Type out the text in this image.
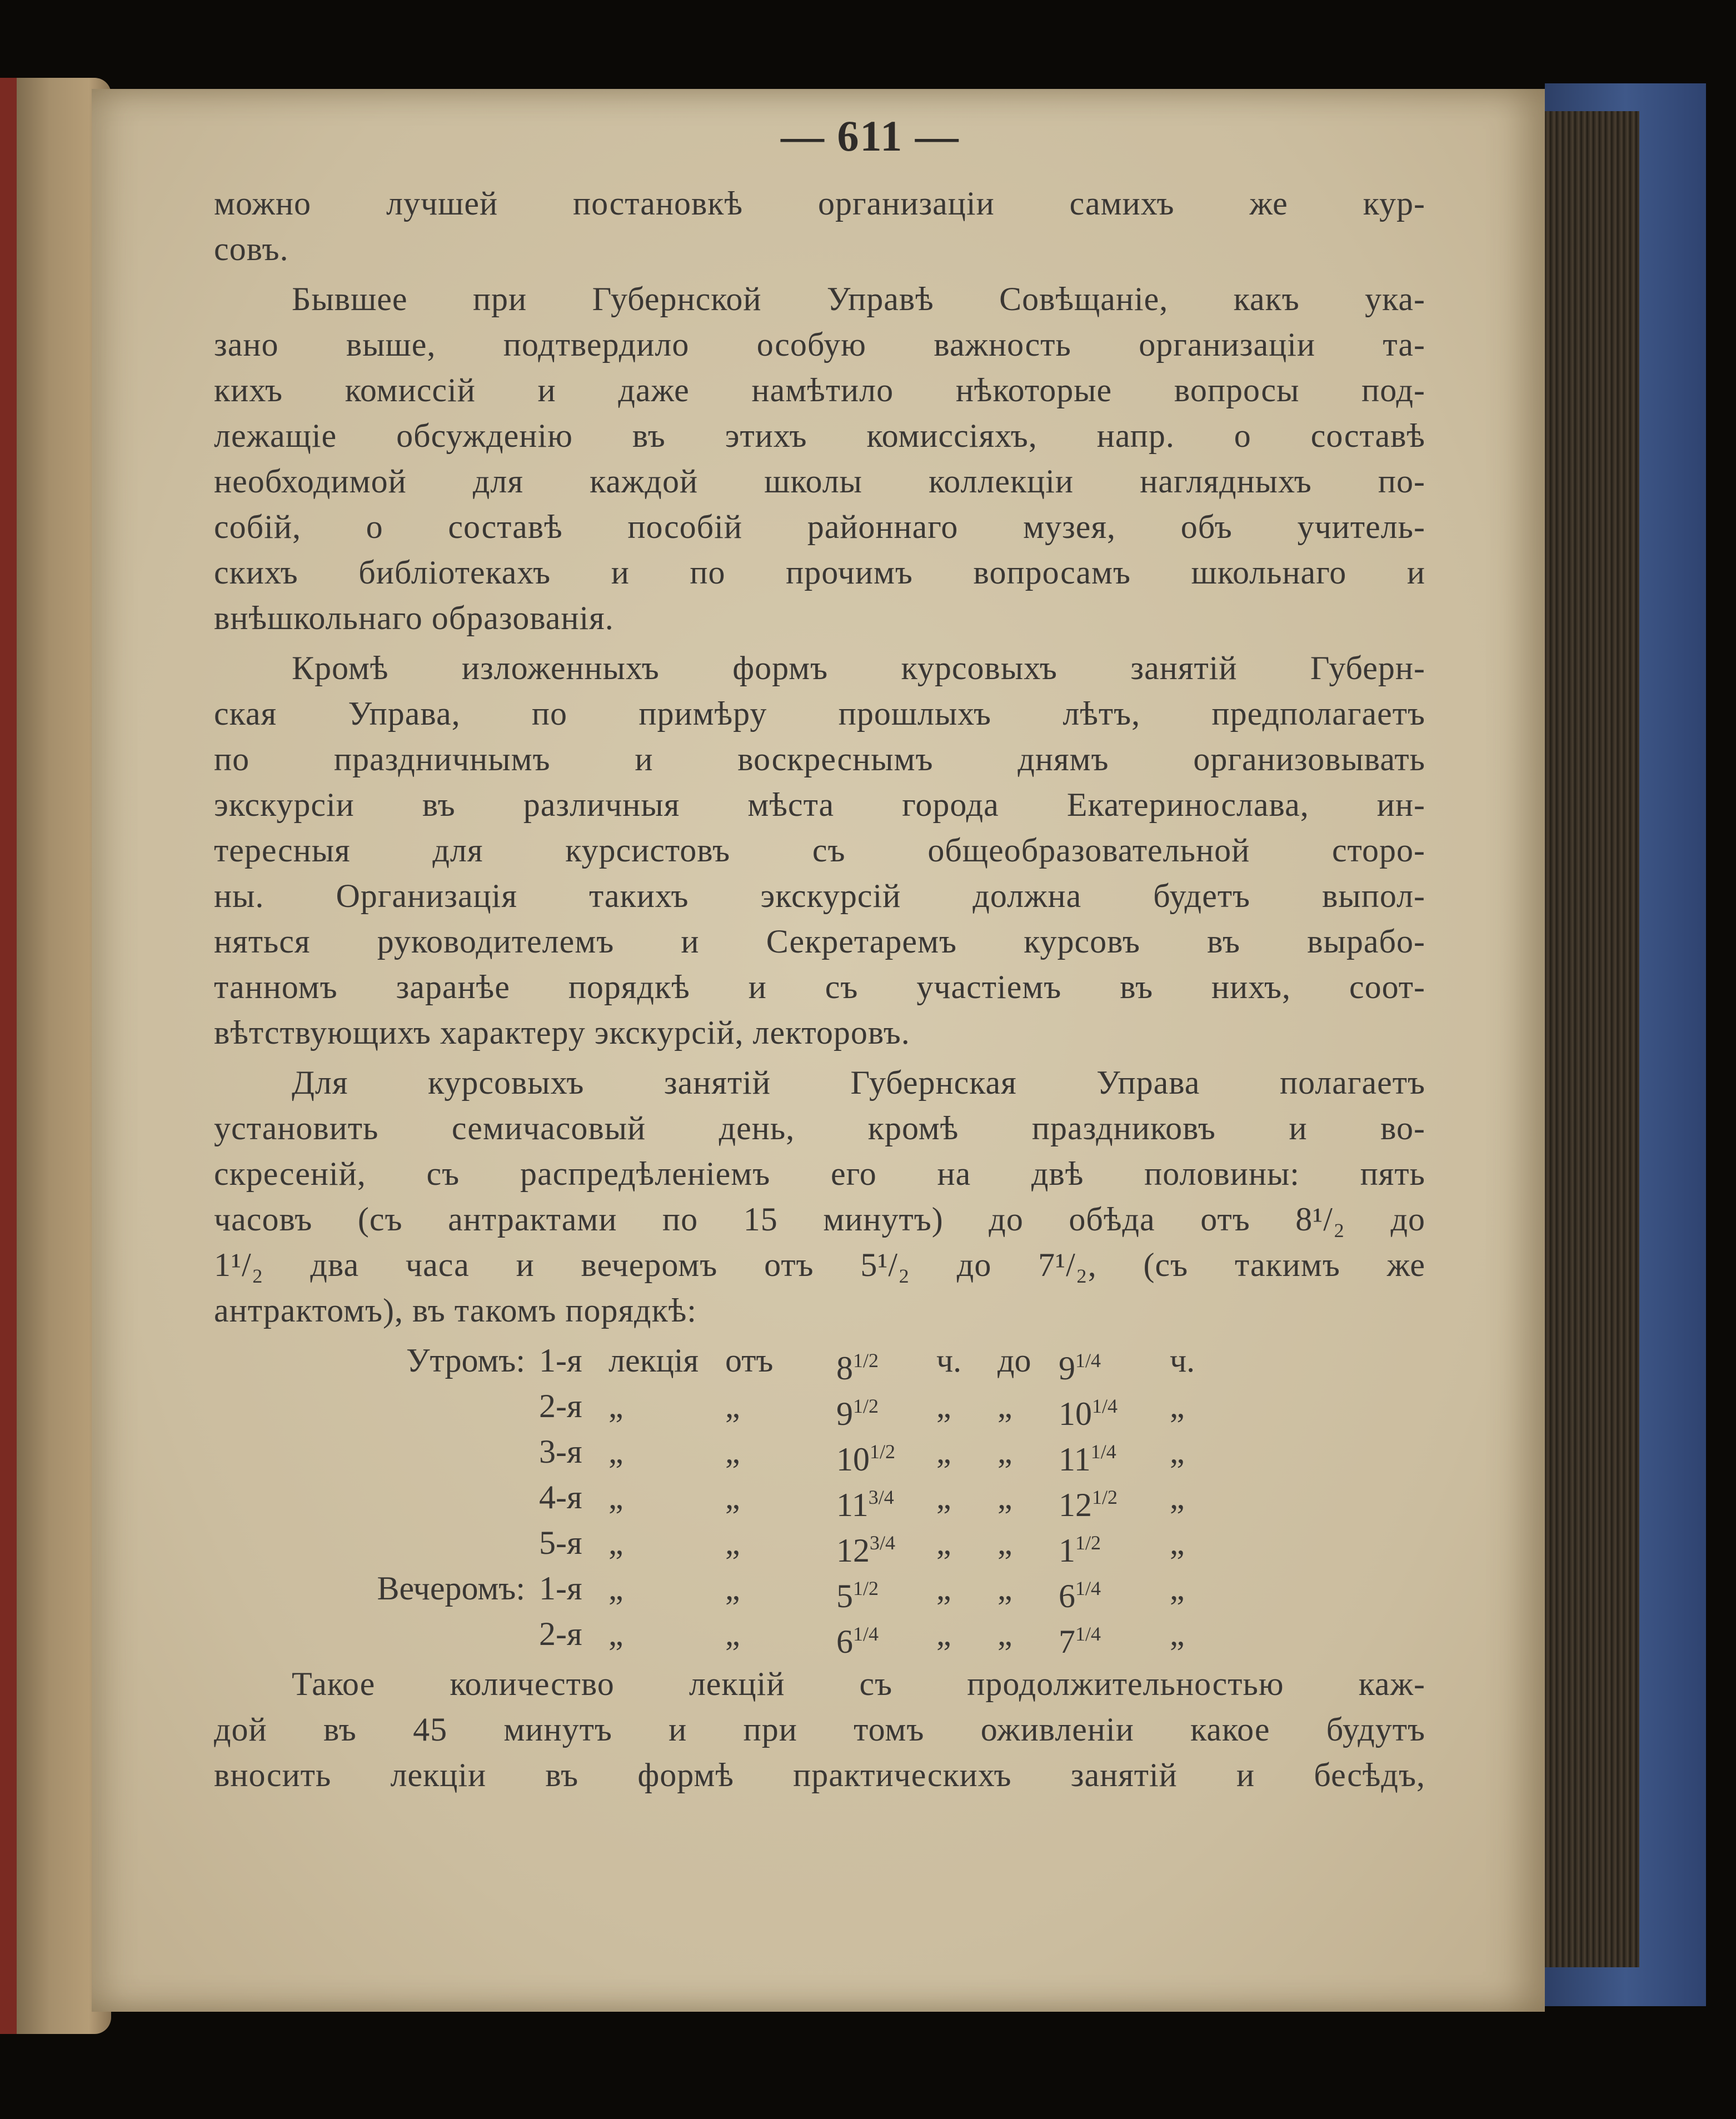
— 611 —
можно лучшей постановкѣ организаціи самихъ же кур-
совъ.
Бывшее при Губернской Управѣ Совѣщаніе, какъ ука-
зано выше, подтвердило особую важность организаціи та-
кихъ комиссій и даже намѣтило нѣкоторые вопросы под-
лежащіе обсужденію въ этихъ комиссіяхъ, напр. о составѣ
необходимой для каждой школы коллекціи наглядныхъ по-
собій, о составѣ пособій районнаго музея, объ учитель-
скихъ библіотекахъ и по прочимъ вопросамъ школьнаго и
внѣшкольнаго образованія.
Кромѣ изложенныхъ формъ курсовыхъ занятій Губерн-
ская Управа, по примѣру прошлыхъ лѣтъ, предполагаетъ
по праздничнымъ и воскреснымъ днямъ организовывать
экскурсіи въ различныя мѣста города Екатеринослава, ин-
тересныя для курсистовъ съ общеобразовательной сторо-
ны. Организація такихъ экскурсій должна будетъ выпол-
няться руководителемъ и Секретаремъ курсовъ въ вырабо-
танномъ заранѣе порядкѣ и съ участіемъ въ нихъ, соот-
вѣтствующихъ характеру экскурсій, лекторовъ.
Для курсовыхъ занятій Губернская Управа полагаетъ
установить семичасовый день, кромѣ праздниковъ и во-
скресеній, съ распредѣленіемъ его на двѣ половины: пять
часовъ (съ антрактами по 15 минутъ) до обѣда отъ 8¹/₂ до
1¹/₂ два часа и вечеромъ отъ 5¹/₂ до 7¹/₂, (съ такимъ же
антрактомъ), въ такомъ порядкѣ:
Утромъ: 1-я лекція отъ $8^{1/2}$ ч. до $9^{1/4}$ ч.
2-я „	„	$9^{1/2}$ „ „ $10^{1/4}$ „
3-я „	„	$10^{1/2}$ „ „ $11^{1/4}$ „
4-я „	„	$11^{3/4}$ „ „ $12^{1/2}$ „
5-я „	„	$12^{3/4}$ „ „ $1^{1/2}$ „
Вечеромъ: 1-я „	„	$5^{1/2}$ „ „ $6^{1/4}$ „
2-я „	„	$6^{1/4}$ „ „ $7^{1/4}$ „
Такое количество лекцій съ продолжительностью каж-
дой въ 45 минутъ и при томъ оживленіи какое будутъ
вносить лекціи въ формѣ практическихъ занятій и бесѣдъ,
